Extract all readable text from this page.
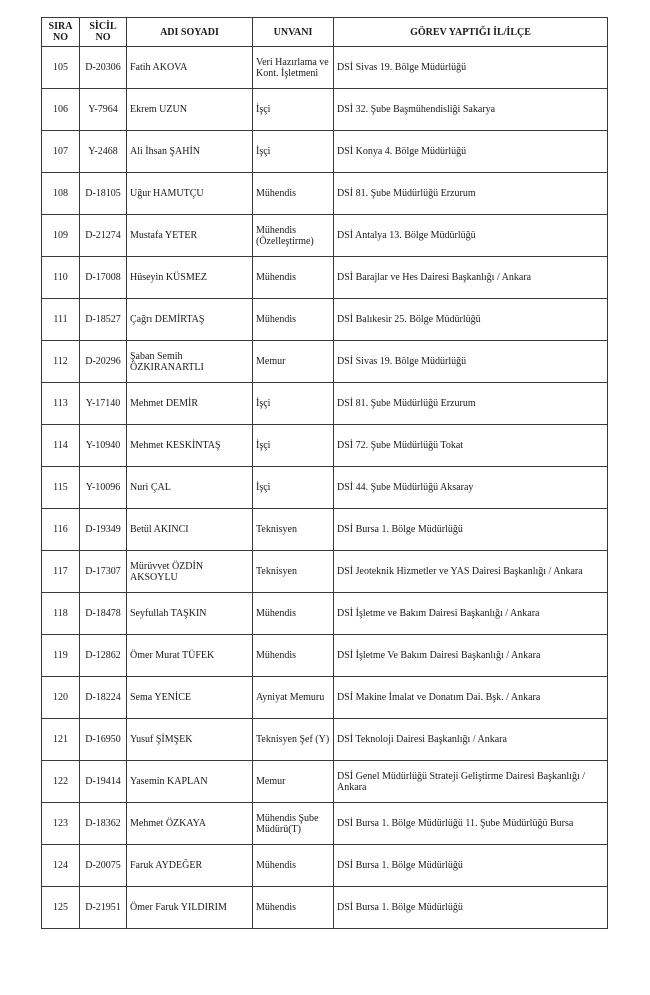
SIRA NO	SİCİL NO	ADI SOYADI	UNVANI	GÖREV YAPTIĞI İL/İLÇE
105	D-20306	Fatih AKOVA	Veri Hazırlama ve Kont. İşletmeni	DSİ Sivas 19. Bölge Müdürlüğü
106	Y-7964	Ekrem UZUN	İşçi	DSİ 32. Şube Başmühendisliği Sakarya
107	Y-2468	Ali İhsan ŞAHİN	İşçi	DSİ Konya 4. Bölge Müdürlüğü
108	D-18105	Uğur HAMUTÇU	Mühendis	DSİ 81. Şube Müdürlüğü Erzurum
109	D-21274	Mustafa YETER	Mühendis (Özelleştirme)	DSİ Antalya 13. Bölge Müdürlüğü
110	D-17008	Hüseyin KÜSMEZ	Mühendis	DSİ Barajlar ve Hes Dairesi Başkanlığı / Ankara
111	D-18527	Çağrı DEMİRTAŞ	Mühendis	DSİ Balıkesir 25. Bölge Müdürlüğü
112	D-20296	Şaban Semih ÖZKIRANARTLI	Memur	DSİ Sivas 19. Bölge Müdürlüğü
113	Y-17140	Mehmet DEMİR	İşçi	DSİ 81. Şube Müdürlüğü Erzurum
114	Y-10940	Mehmet KESKİNTAŞ	İşçi	DSİ 72. Şube Müdürlüğü Tokat
115	Y-10096	Nuri ÇAL	İşçi	DSİ 44. Şube Müdürlüğü Aksaray
116	D-19349	Betül AKINCI	Teknisyen	DSİ Bursa 1. Bölge Müdürlüğü
117	D-17307	Mürüvvet ÖZDİN AKSOYLU	Teknisyen	DSİ Jeoteknik Hizmetler ve YAS Dairesi Başkanlığı / Ankara
118	D-18478	Seyfullah TAŞKIN	Mühendis	DSİ İşletme ve Bakım Dairesi Başkanlığı / Ankara
119	D-12862	Ömer Murat TÜFEK	Mühendis	DSİ İşletme Ve Bakım Dairesi Başkanlığı / Ankara
120	D-18224	Sema YENİCE	Ayniyat Memuru	DSİ Makine İmalat ve Donatım Dai. Bşk. / Ankara
121	D-16950	Yusuf ŞİMŞEK	Teknisyen Şef (Y)	DSİ Teknoloji Dairesi Başkanlığı / Ankara
122	D-19414	Yasemin KAPLAN	Memur	DSİ Genel Müdürlüğü Strateji Geliştirme Dairesi Başkanlığı / Ankara
123	D-18362	Mehmet ÖZKAYA	Mühendis Şube Müdürü(T)	DSİ Bursa 1. Bölge Müdürlüğü 11. Şube Müdürlüğü Bursa
124	D-20075	Faruk AYDEĞER	Mühendis	DSİ Bursa 1. Bölge Müdürlüğü
125	D-21951	Ömer Faruk YILDIRIM	Mühendis	DSİ Bursa 1. Bölge Müdürlüğü
